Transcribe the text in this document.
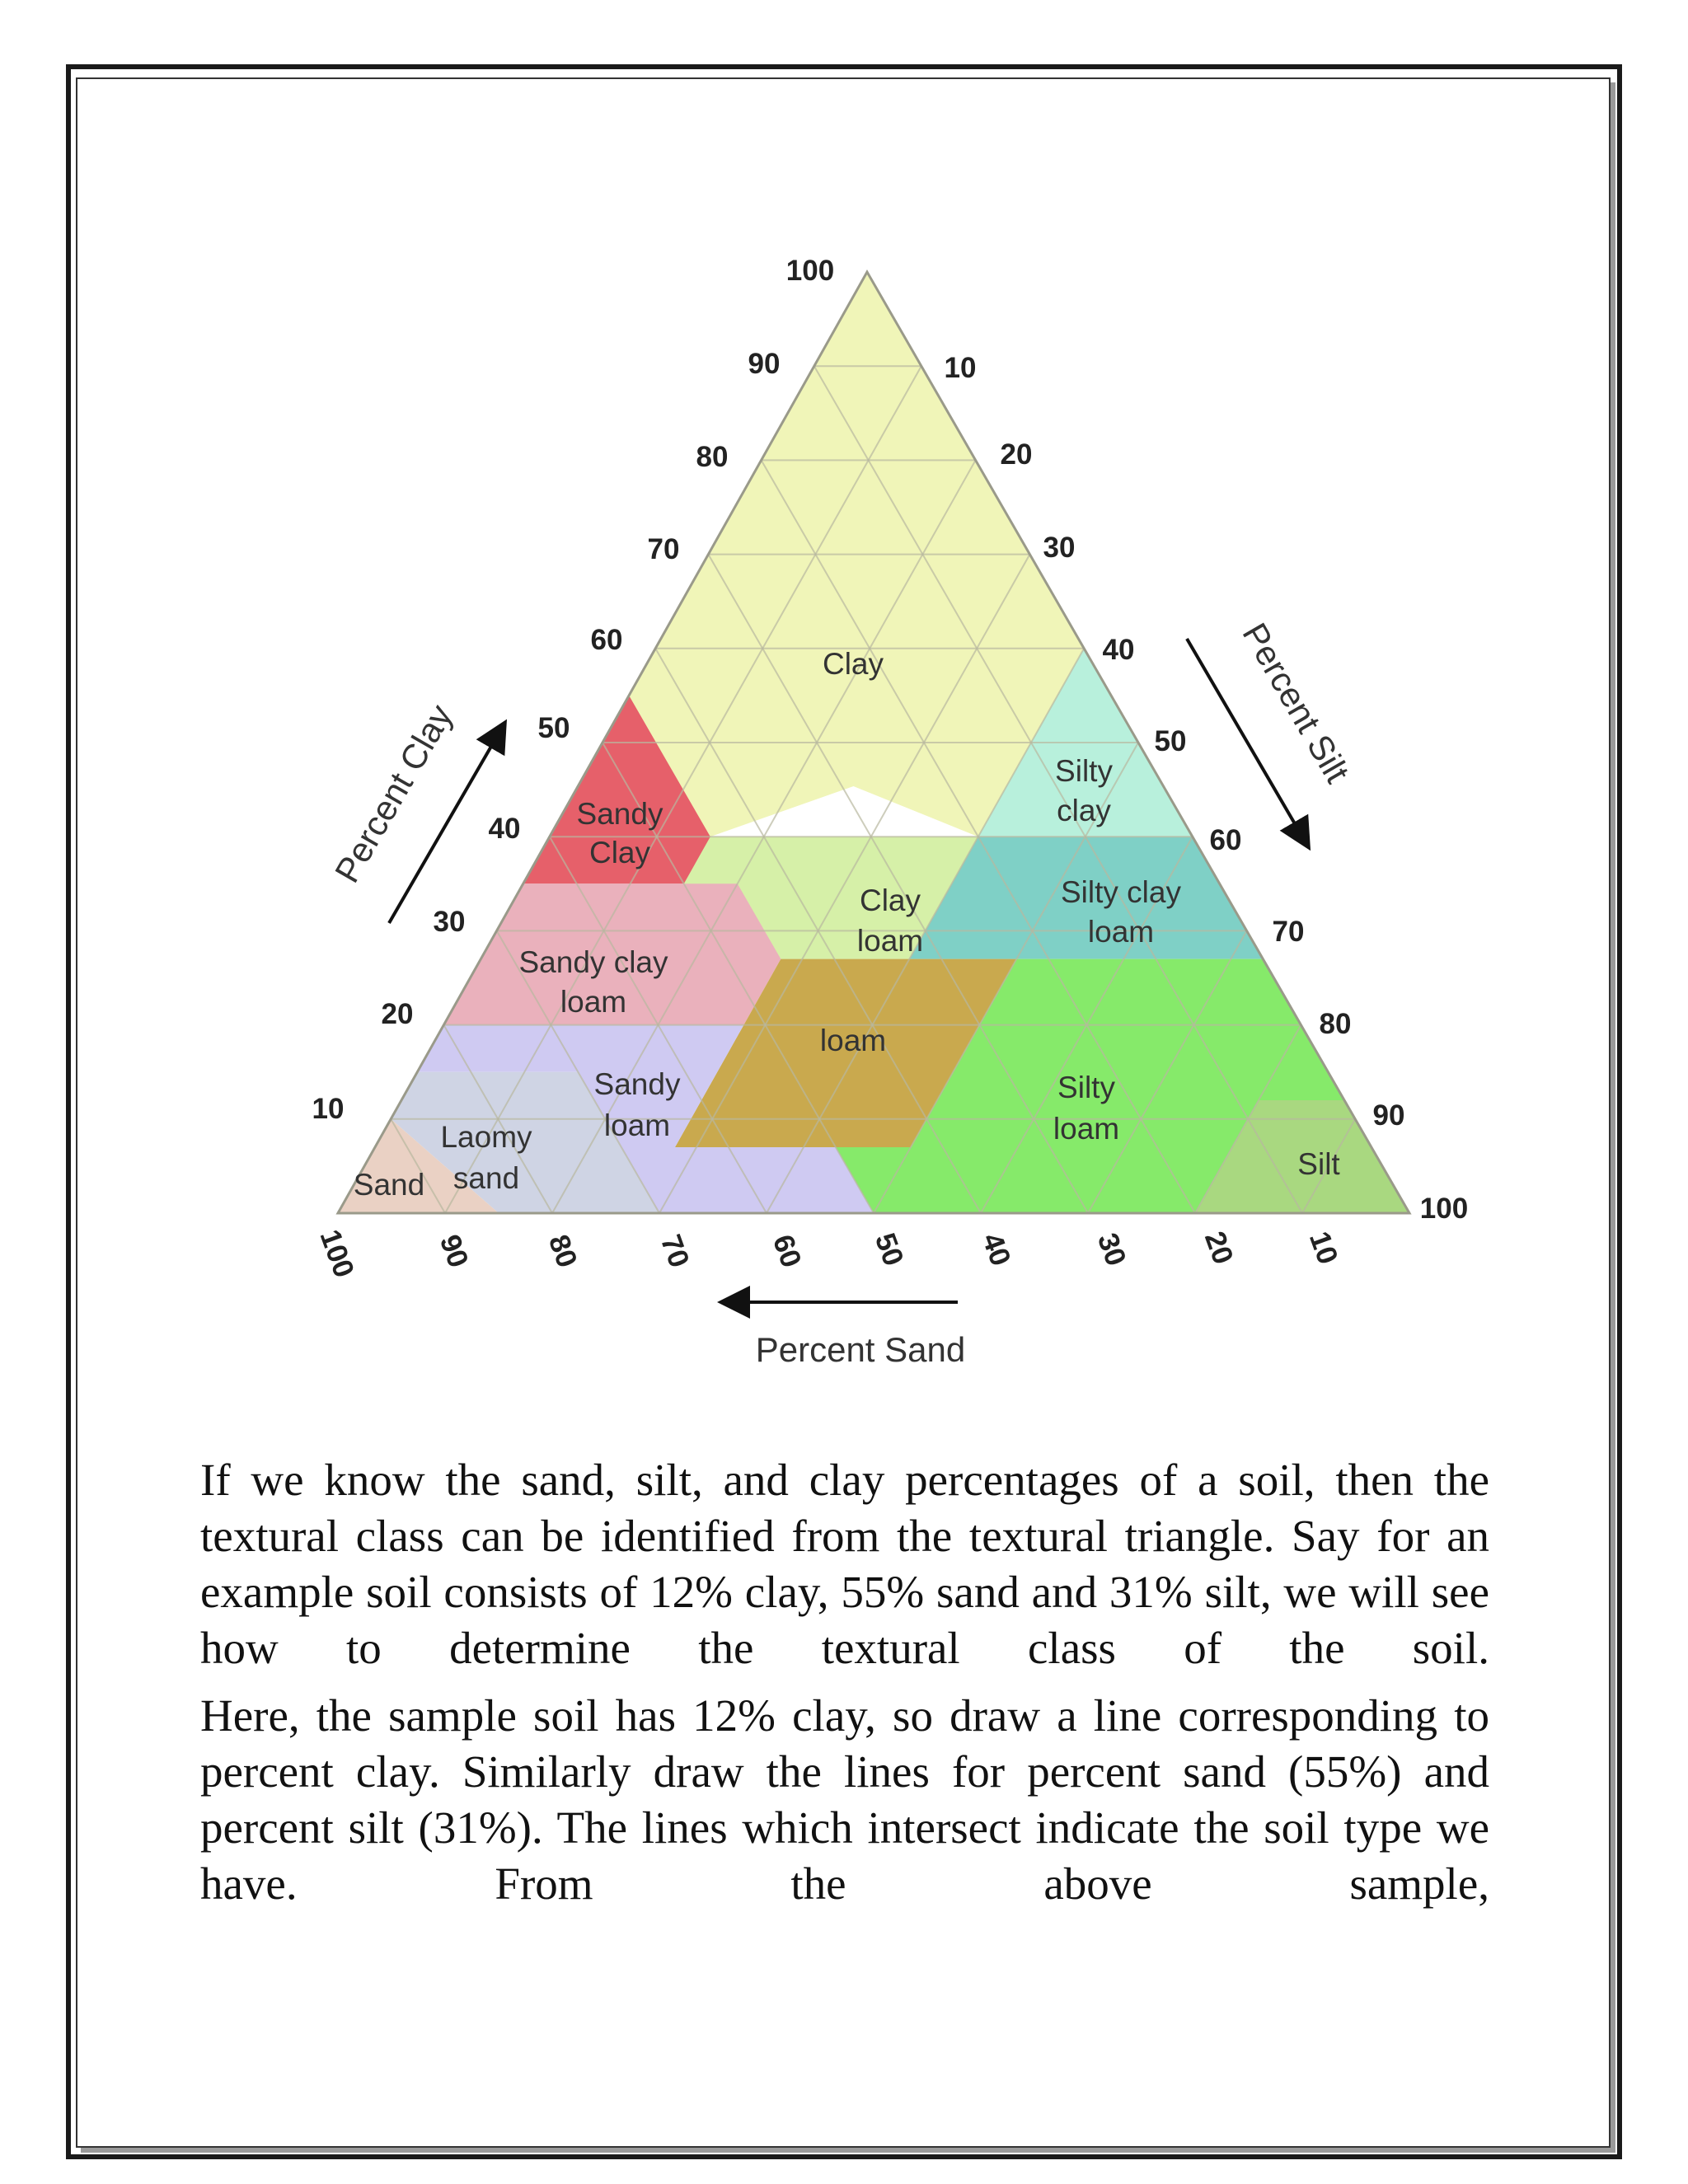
10
20
30
40
50
60
70
80
90
100
10
20
30
40
50
60
70
80
90
100
100	90 80 70 60 50 40	30 20 10
Percent Clay	Percent Silt
Percent Sand
Clay
Silty
clay
Sandy
Clay
Clay
loam
Silty clay
loam
Sandy clay
loam
loam
Sandy
loam
Silty
loam
Laomy
sand
Sand
Silt

If we know the sand, silt, and clay percentages of a soil, then the textural class can be identified from the textural triangle. Say for an example soil consists of 12% clay, 55% sand and 31% silt, we will see how to determine the textural class of the soil.

Here, the sample soil has 12% clay, so draw a line corresponding to percent clay. Similarly draw the lines for percent sand (55%) and percent silt (31%). The lines which intersect indicate the soil type we have. From the above sample,
